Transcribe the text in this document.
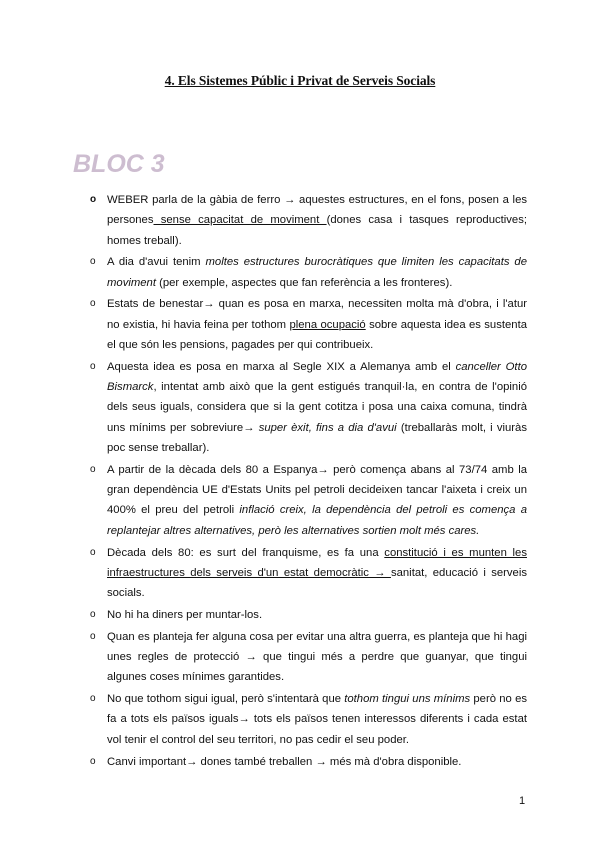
4. Els Sistemes Públic i Privat de Serveis Socials
BLOC 3
o WEBER parla de la gàbia de ferro → aquestes estructures, en el fons, posen a les persones sense capacitat de moviment (dones casa i tasques reproductives; homes treball).
o A dia d'avui tenim moltes estructures burocràtiques que limiten les capacitats de moviment (per exemple, aspectes que fan referència a les fronteres).
o Estats de benestar→ quan es posa en marxa, necessiten molta mà d'obra, i l'atur no existia, hi havia feina per tothom plena ocupació sobre aquesta idea es sustenta el que són les pensions, pagades per qui contribueix.
o Aquesta idea es posa en marxa al Segle XIX a Alemanya amb el canceller Otto Bismarck, intentat amb això que la gent estigués tranquil·la, en contra de l'opinió dels seus iguals, considera que si la gent cotitza i posa una caixa comuna, tindrà uns mínims per sobreviure→ super èxit, fins a dia d'avui (treballaràs molt, i viuràs poc sense treballar).
o A partir de la dècada dels 80 a Espanya→ però comença abans al 73/74 amb la gran dependència UE d'Estats Units pel petroli decideixen tancar l'aixeta i creix un 400% el preu del petroli inflació creix, la dependència del petroli es comença a replantejar altres alternatives, però les alternatives sortien molt més cares.
o Dècada dels 80: es surt del franquisme, es fa una constitució i es munten les infraestructures dels serveis d'un estat democràtic → sanitat, educació i serveis socials.
o No hi ha diners per muntar-los.
o Quan es planteja fer alguna cosa per evitar una altra guerra, es planteja que hi hagi unes regles de protecció → que tingui més a perdre que guanyar, que tingui algunes coses mínimes garantides.
o No que tothom sigui igual, però s'intentarà que tothom tingui uns mínims però no es fa a tots els països iguals→ tots els països tenen interessos diferents i cada estat vol tenir el control del seu territori, no pas cedir el seu poder.
o Canvi important→ dones també treballen → més mà d'obra disponible.
1
